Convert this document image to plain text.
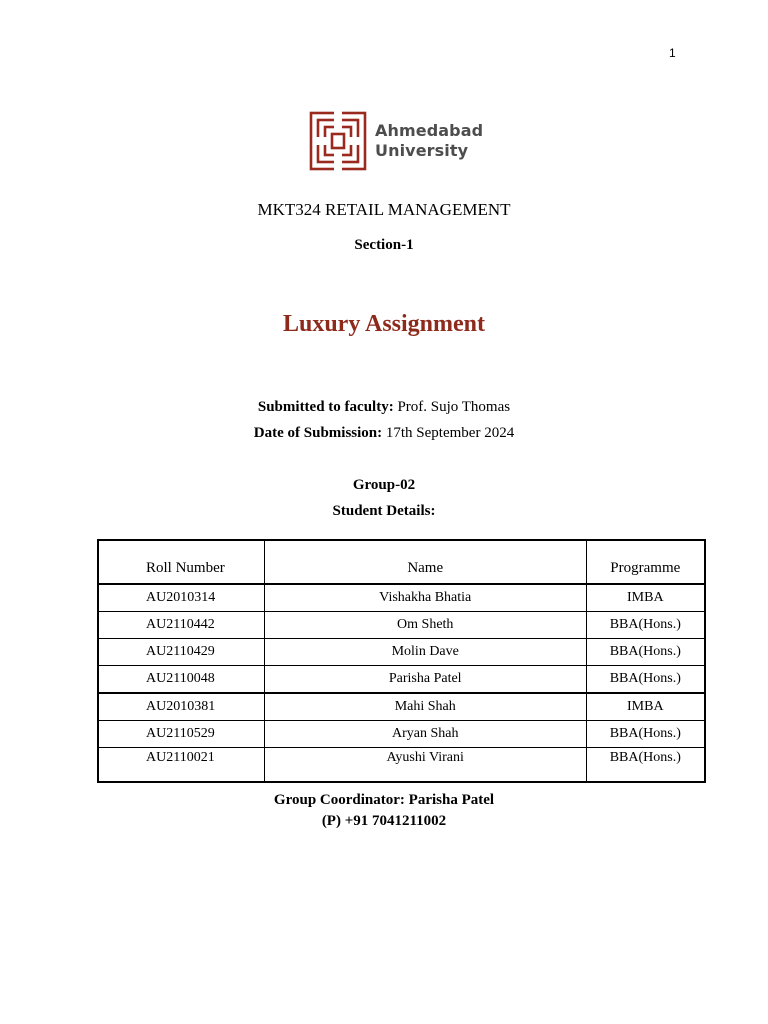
1
Ahmedabad
University
MKT324 RETAIL MANAGEMENT
Section-1
Luxury Assignment
Submitted to faculty: Prof. Sujo Thomas
Date of Submission: 17th September 2024
Group-02
Student Details:
Roll Number	Name	Programme
AU2010314	Vishakha Bhatia	IMBA
AU2110442	Om Sheth	BBA(Hons.)
AU2110429	Molin Dave	BBA(Hons.)
AU2110048	Parisha Patel	BBA(Hons.)
AU2010381	Mahi Shah	IMBA
AU2110529	Aryan Shah	BBA(Hons.)
AU2110021	Ayushi Virani	BBA(Hons.)
Group Coordinator: Parisha Patel
(P) +91 7041211002
